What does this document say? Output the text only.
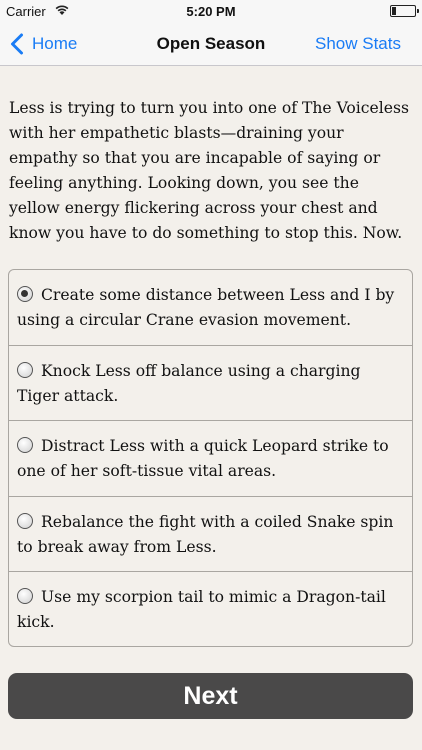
Carrier	5:20 PM
Home	Open Season	Show Stats

Less is trying to turn you into one of The Voiceless with her empathetic blasts—draining your empathy so that you are incapable of saying or feeling anything. Looking down, you see the yellow energy flickering across your chest and know you have to do something to stop this. Now.

Create some distance between Less and I by using a circular Crane evasion movement.
Knock Less off balance using a charging Tiger attack.
Distract Less with a quick Leopard strike to one of her soft-tissue vital areas.
Rebalance the fight with a coiled Snake spin to break away from Less.
Use my scorpion tail to mimic a Dragon-tail kick.
Next
